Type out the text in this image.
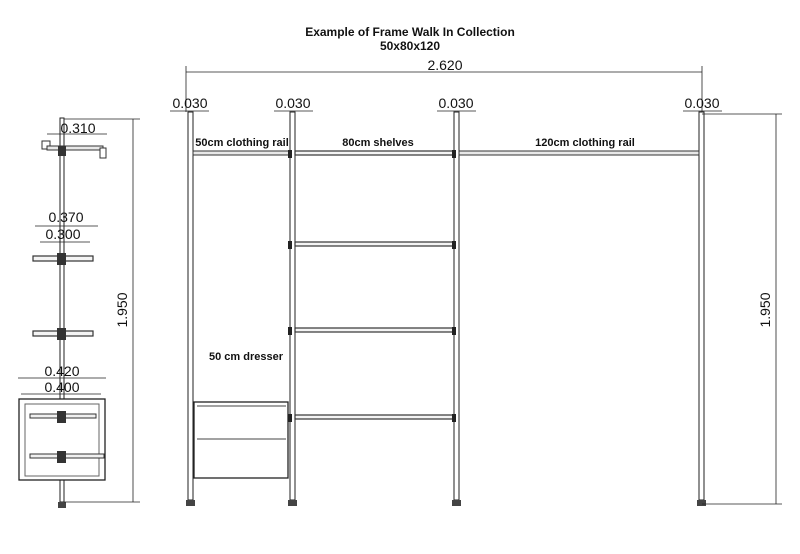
Example of Frame Walk In Collection
50x80x120
2.620
0.030	0.030	0.030	0.030
50cm clothing rail	80cm shelves	120cm clothing rail
50 cm dresser
1.950
0.310
0.370
0.300
0.420
0.400
1.950
